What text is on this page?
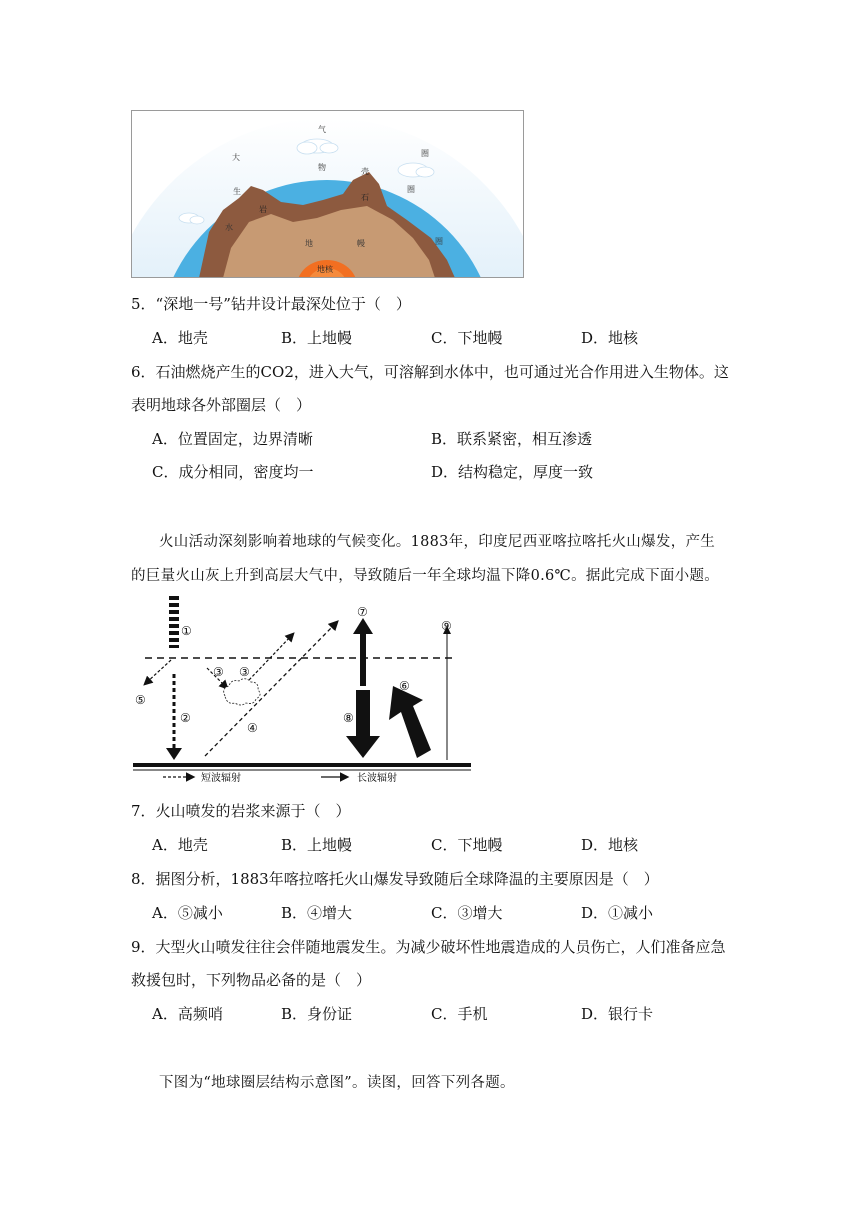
大
气
生
物
圈
水
圈
岩
石
壳
圈
地	幔
地核
5．“深地一号”钻井设计最深处位于（　）
A．地壳	B．上地幔	C．下地幔	D．地核
6．石油燃烧产生的CO2，进入大气，可溶解到水体中，也可通过光合作用进入生物体。这
表明地球各外部圈层（　）
A．位置固定，边界清晰	B．联系紧密，相互渗透
C．成分相同，密度均一	D．结构稳定，厚度一致
火山活动深刻影响着地球的气候变化。1883年，印度尼西亚喀拉喀托火山爆发，产生
的巨量火山灰上升到高层大气中，导致随后一年全球均温下降0.6℃。据此完成下面小题。
①
②
③ ③
④
⑤
⑥
⑦
⑧
⑨
短波辐射	长波辐射
7．火山喷发的岩浆来源于（　）
A．地壳	B．上地幔	C．下地幔	D．地核
8．据图分析，1883年喀拉喀托火山爆发导致随后全球降温的主要原因是（　）
A．⑤减小	B．④增大	C．③增大	D．①减小
9．大型火山喷发往往会伴随地震发生。为减少破坏性地震造成的人员伤亡，人们准备应急
救援包时，下列物品必备的是（　）
A．高频哨	B．身份证	C．手机	D．银行卡
下图为“地球圈层结构示意图”。读图，回答下列各题。
